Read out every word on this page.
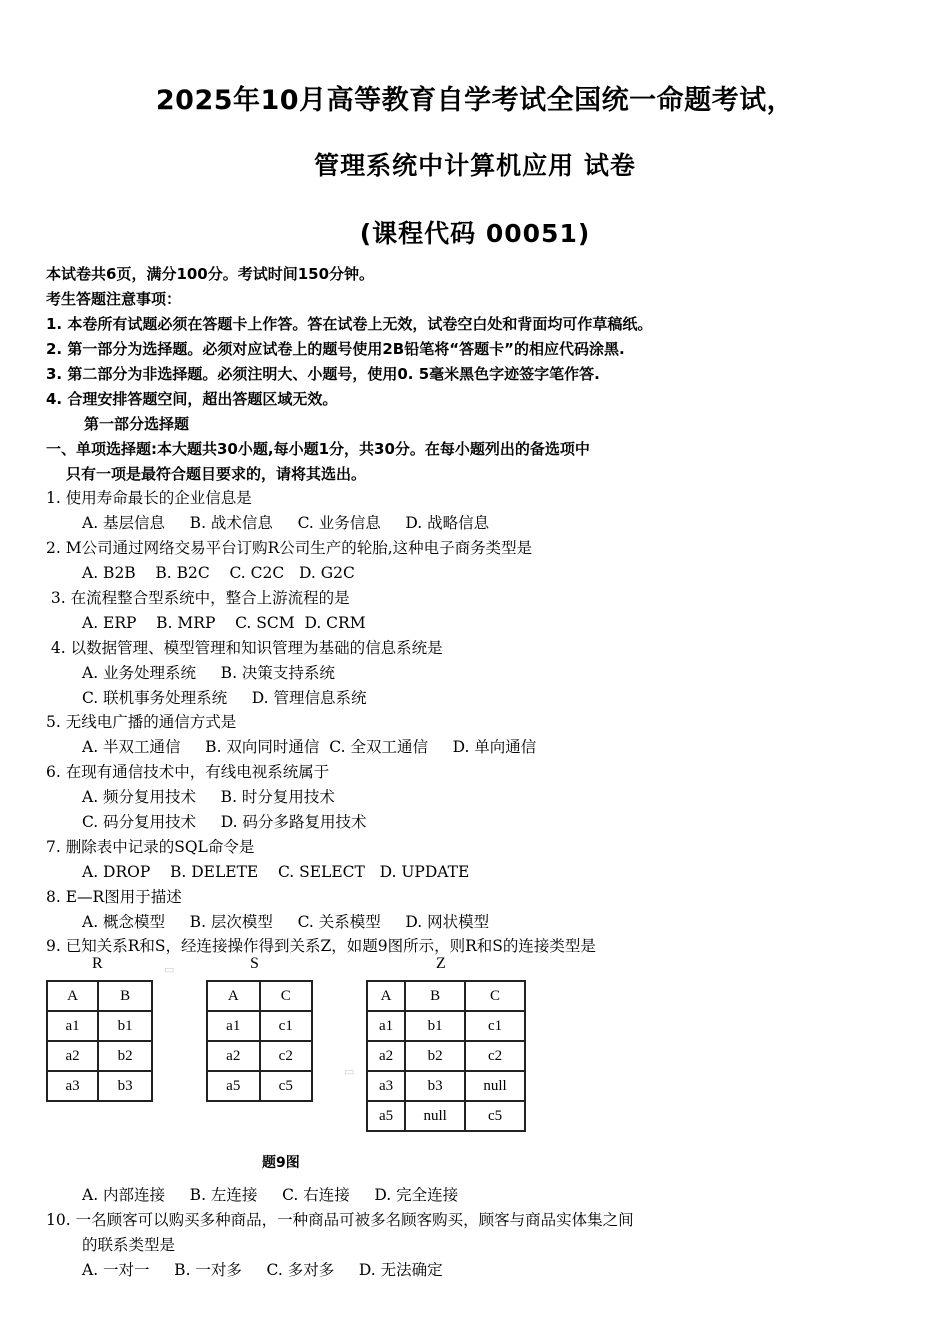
2025年10月高等教育自学考试全国统一命题考试，
管理系统中计算机应用 试卷
(课程代码 00051)
本试卷共6页，满分100分。考试时间150分钟。
考生答题注意事项：
1. 本卷所有试题必须在答题卡上作答。答在试卷上无效，试卷空白处和背面均可作草稿纸。
2. 第一部分为选择题。必须对应试卷上的题号使用2B铅笔将“答题卡”的相应代码涂黑.
3. 第二部分为非选择题。必须注明大、小题号，使用0. 5毫米黑色字迹签字笔作答.
4. 合理安排答题空间，超出答题区域无效。
第一部分选择题
一、单项选择题:本大题共30小题,每小题1分，共30分。在每小题列出的备选项中
只有一项是最符合题目要求的，请将其选出。
1. 使用寿命最长的企业信息是
A. 基层信息     B. 战术信息     C. 业务信息     D. 战略信息
2. M公司通过网络交易平台订购R公司生产的轮胎,这种电子商务类型是
A. B2B    B. B2C    C. C2C   D. G2C
3. 在流程整合型系统中，整合上游流程的是
A. ERP    B. MRP    C. SCM  D. CRM
4. 以数据管理、模型管理和知识管理为基础的信息系统是
A. 业务处理系统     B. 决策支持系统
C. 联机事务处理系统     D. 管理信息系统
5. 无线电广播的通信方式是
A. 半双工通信     B. 双向同时通信  C. 全双工通信     D. 单向通信
6. 在现有通信技术中，有线电视系统属于
A. 频分复用技术     B. 时分复用技术
C. 码分复用技术     D. 码分多路复用技术
7. 删除表中记录的SQL命令是
A. DROP    B. DELETE    C. SELECT   D. UPDATE
8. E—R图用于描述
A. 概念模型     B. 层次模型     C. 关系模型     D. 网状模型
9. 已知关系R和S，经连接操作得到关系Z，如题9图所示，则R和S的连接类型是
▭
▭
R
A	B
a1	b1
a2	b2
a3	b3
S
A	C
a1	c1
a2	c2
a5	c5
Z
A	B	C
a1	b1	c1
a2	b2	c2
a3	b3	null
a5	null	c5
题9图
A. 内部连接     B. 左连接     C. 右连接     D. 完全连接
10. 一名顾客可以购买多种商品，一种商品可被多名顾客购买，顾客与商品实体集之间
的联系类型是
A. 一对一     B. 一对多     C. 多对多     D. 无法确定
